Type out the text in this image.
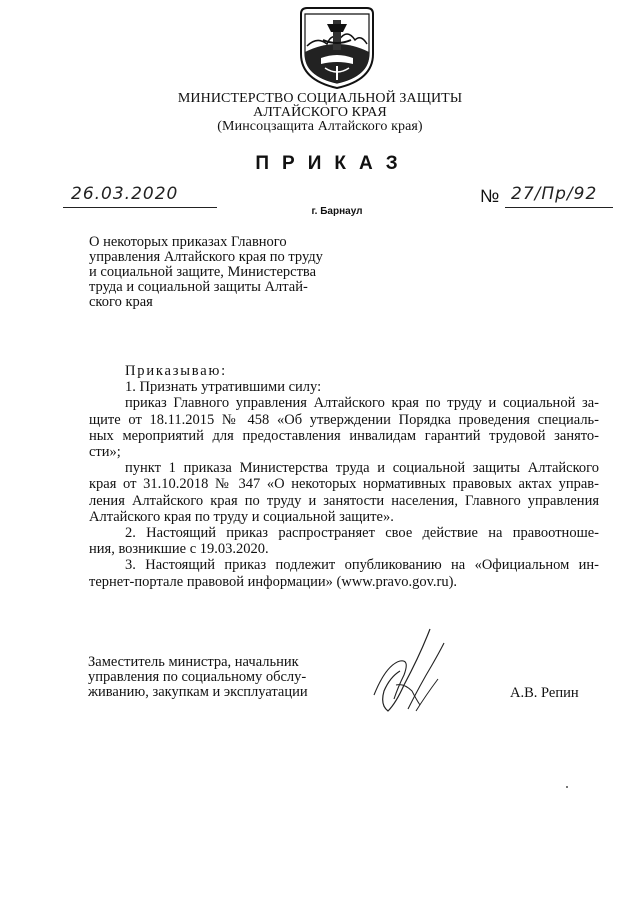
МИНИСТЕРСТВО СОЦИАЛЬНОЙ ЗАЩИТЫ
АЛТАЙСКОГО КРАЯ
(Минсоцзащита Алтайского края)
ПРИКАЗ
26.03.2020	№ 27/Пр/92
г. Барнаул
О некоторых приказах Главного
управления Алтайского края по труду
и социальной защите, Министерства
труда и социальной защиты Алтай-
ского края
Приказываю:
1. Признать утратившими силу:
приказ Главного управления Алтайского края по труду и социальной за-
щите от 18.11.2015 № 458 «Об утверждении Порядка проведения специаль-
ных мероприятий для предоставления инвалидам гарантий трудовой занято-
сти»;
пункт 1 приказа Министерства труда и социальной защиты Алтайского
края от 31.10.2018 № 347 «О некоторых нормативных правовых актах управ-
ления Алтайского края по труду и занятости населения, Главного управления
Алтайского края по труду и социальной защите».
2. Настоящий приказ распространяет свое действие на правоотноше-
ния, возникшие с 19.03.2020.
3. Настоящий приказ подлежит опубликованию на «Официальном ин-
тернет-портале правовой информации» (www.pravo.gov.ru).
Заместитель министра, начальник
управления по социальному обслу-
живанию, закупкам и эксплуатации	А.В. Репин
